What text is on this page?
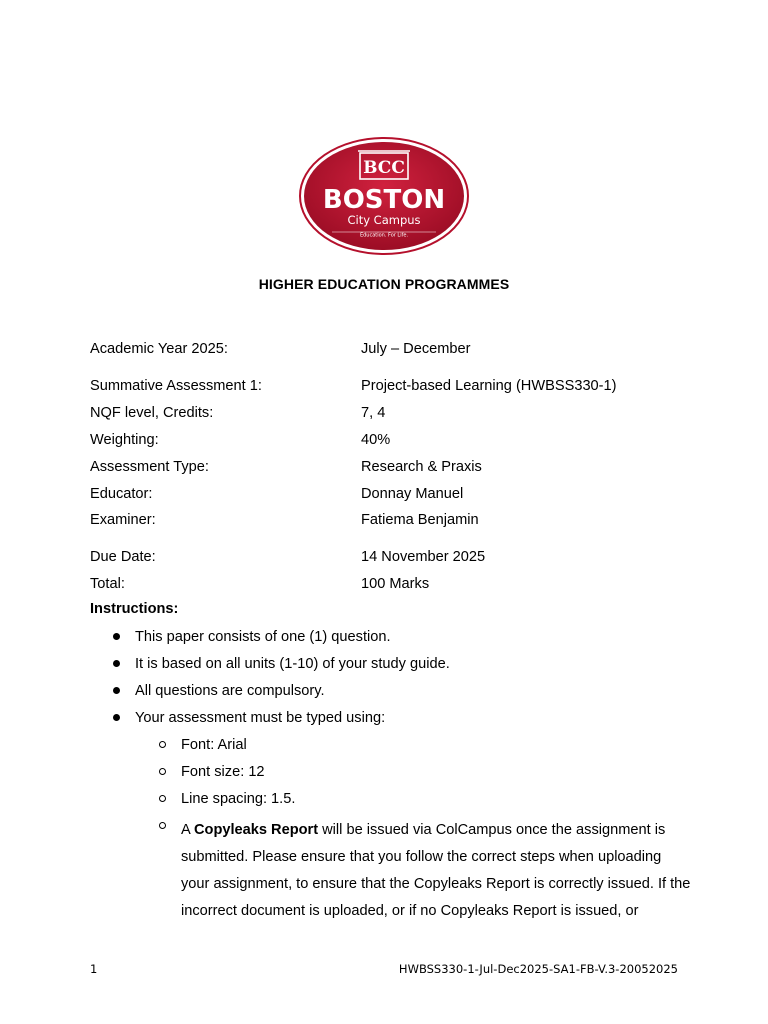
BCC
BOSTON
City Campus
Education. For Life.
HIGHER EDUCATION PROGRAMMES
Academic Year 2025:	July – December
Summative Assessment 1:	Project-based Learning (HWBSS330-1)
NQF level, Credits:	7, 4
Weighting:	40%
Assessment Type:	Research & Praxis
Educator:	Donnay Manuel
Examiner:	Fatiema Benjamin
Due Date:	14 November 2025
Total:	100 Marks
Instructions:
This paper consists of one (1) question.
It is based on all units (1-10) of your study guide.
All questions are compulsory.
Your assessment must be typed using:
Font: Arial
Font size: 12
Line spacing: 1.5.
A Copyleaks Report will be issued via ColCampus once the assignment is submitted. Please ensure that you follow the correct steps when uploading your assignment, to ensure that the Copyleaks Report is correctly issued. If the incorrect document is uploaded, or if no Copyleaks Report is issued, or
1	HWBSS330-1-Jul-Dec2025-SA1-FB-V.3-20052025
